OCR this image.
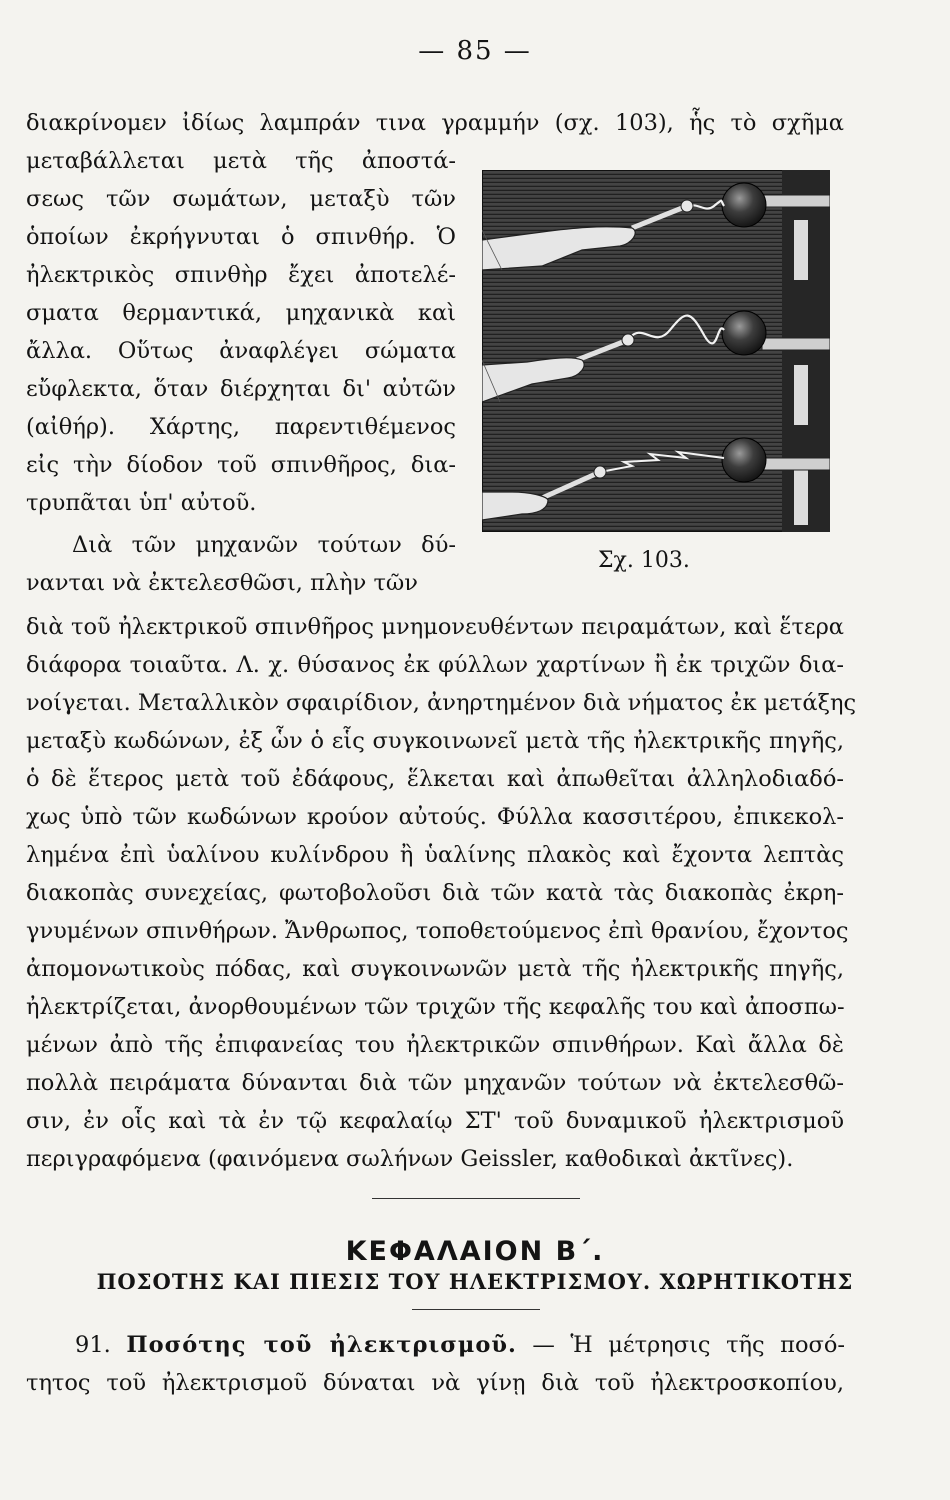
— 85 —
διακρίνομεν ἰδίως λαμπράν τινα γραμμήν (σχ. 103), ἧς τὸ σχῆμα
μεταβάλλεται μετὰ τῆς ἀποστά-
σεως τῶν σωμάτων, μεταξὺ τῶν
ὁποίων ἐκρήγνυται ὁ σπινθήρ. Ὁ
ἠλεκτρικὸς σπινθὴρ ἔχει ἀποτελέ-
σματα θερμαντικά, μηχανικὰ καὶ
ἄλλα. Οὕτως ἀναφλέγει σώματα
εὔφλεκτα, ὅταν διέρχηται δι' αὐτῶν
(αἰθήρ). Χάρτης, παρεντιθέμενος
εἰς τὴν δίοδον τοῦ σπινθῆρος, δια-
τρυπᾶται ὑπ' αὐτοῦ.
Διὰ τῶν μηχανῶν τούτων δύ-
νανται νὰ ἐκτελεσθῶσι, πλὴν τῶν
Σχ. 103.
διὰ τοῦ ἠλεκτρικοῦ σπινθῆρος μνημονευθέντων πειραμάτων, καὶ ἕτερα
διάφορα τοιαῦτα. Λ. χ. θύσανος ἐκ φύλλων χαρτίνων ἢ ἐκ τριχῶν δια-
νοίγεται. Μεταλλικὸν σφαιρίδιον, ἀνηρτημένον διὰ νήματος ἐκ μετάξης
μεταξὺ κωδώνων, ἐξ ὧν ὁ εἷς συγκοινωνεῖ μετὰ τῆς ἠλεκτρικῆς πηγῆς,
ὁ δὲ ἕτερος μετὰ τοῦ ἐδάφους, ἕλκεται καὶ ἀπωθεῖται ἀλληλοδιαδό-
χως ὑπὸ τῶν κωδώνων κρούον αὐτούς. Φύλλα κασσιτέρου, ἐπικεκολ-
λημένα ἐπὶ ὑαλίνου κυλίνδρου ἢ ὑαλίνης πλακὸς καὶ ἔχοντα λεπτὰς
διακοπὰς συνεχείας, φωτοβολοῦσι διὰ τῶν κατὰ τὰς διακοπὰς ἐκρη-
γνυμένων σπινθήρων. Ἄνθρωπος, τοποθετούμενος ἐπὶ θρανίου, ἔχοντος
ἀπομονωτικοὺς πόδας, καὶ συγκοινωνῶν μετὰ τῆς ἠλεκτρικῆς πηγῆς,
ἠλεκτρίζεται, ἀνορθουμένων τῶν τριχῶν τῆς κεφαλῆς του καὶ ἀποσπω-
μένων ἀπὸ τῆς ἐπιφανείας του ἠλεκτρικῶν σπινθήρων. Καὶ ἄλλα δὲ
πολλὰ πειράματα δύνανται διὰ τῶν μηχανῶν τούτων νὰ ἐκτελεσθῶ-
σιν, ἐν οἷς καὶ τὰ ἐν τῷ κεφαλαίῳ ΣΤ' τοῦ δυναμικοῦ ἠλεκτρισμοῦ
περιγραφόμενα (φαινόμενα σωλήνων Geissler, καθοδικαὶ ἀκτῖνες).
ΚΕΦΑΛΑΙΟΝ Β΄.
ΠΟΣΟΤΗΣ ΚΑΙ ΠΙΕΣΙΣ ΤΟΥ ΗΛΕΚΤΡΙΣΜΟΥ. ΧΩΡΗΤΙΚΟΤΗΣ
91. Ποσότης τοῦ ἠλεκτρισμοῦ. — Ἡ μέτρησις τῆς ποσό-
τητος τοῦ ἠλεκτρισμοῦ δύναται νὰ γίνῃ διὰ τοῦ ἠλεκτροσκοπίου,
